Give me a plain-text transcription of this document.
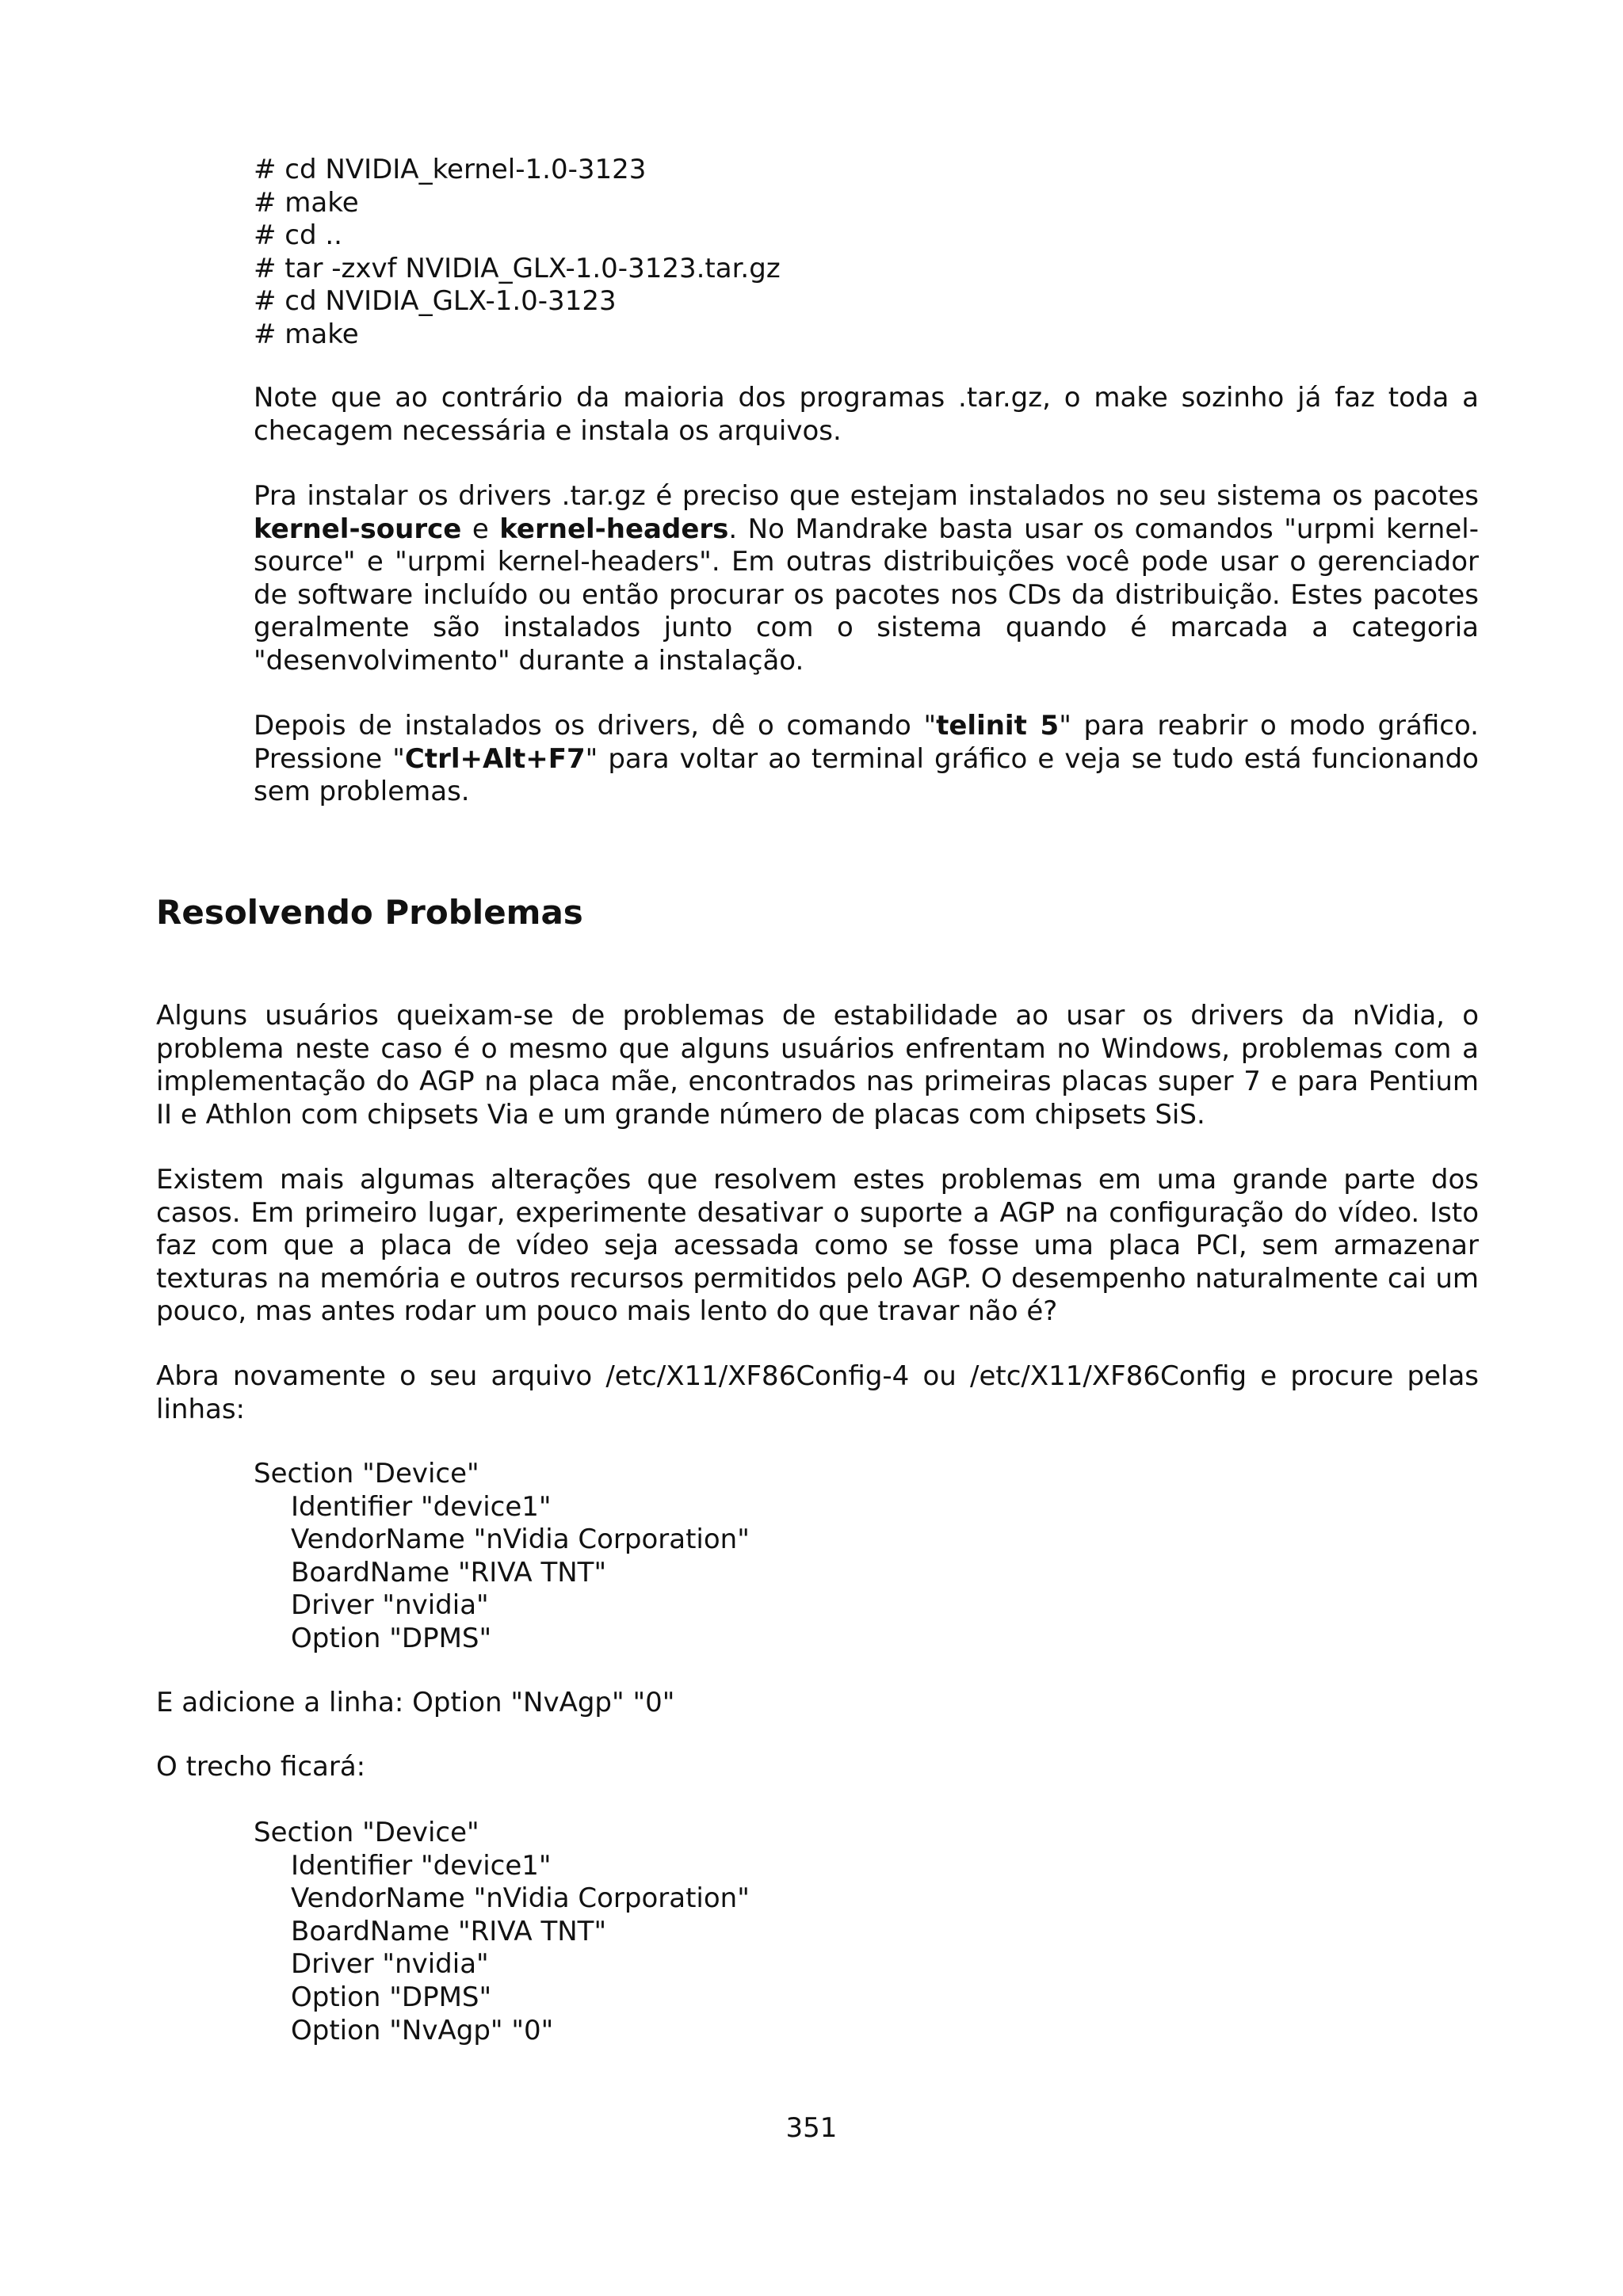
# cd NVIDIA_kernel-1.0-3123
# make
# cd ..
# tar -zxvf NVIDIA_GLX-1.0-3123.tar.gz
# cd NVIDIA_GLX-1.0-3123
# make

Note que ao contrário da maioria dos programas .tar.gz, o make sozinho já faz toda a checagem necessária e instala os arquivos.

Pra instalar os drivers .tar.gz é preciso que estejam instalados no seu sistema os pacotes kernel-source e kernel-headers. No Mandrake basta usar os comandos "urpmi kernel-source" e "urpmi kernel-headers". Em outras distribuições você pode usar o gerenciador de software incluído ou então procurar os pacotes nos CDs da distribuição. Estes pacotes geralmente são instalados junto com o sistema quando é marcada a categoria "desenvolvimento" durante a instalação.

Depois de instalados os drivers, dê o comando "telinit 5" para reabrir o modo gráfico. Pressione "Ctrl+Alt+F7" para voltar ao terminal gráfico e veja se tudo está funcionando sem problemas.

Resolvendo Problemas

Alguns usuários queixam-se de problemas de estabilidade ao usar os drivers da nVidia, o problema neste caso é o mesmo que alguns usuários enfrentam no Windows, problemas com a implementação do AGP na placa mãe, encontrados nas primeiras placas super 7 e para Pentium II e Athlon com chipsets Via e um grande número de placas com chipsets SiS.

Existem mais algumas alterações que resolvem estes problemas em uma grande parte dos casos. Em primeiro lugar, experimente desativar o suporte a AGP na configuração do vídeo. Isto faz com que a placa de vídeo seja acessada como se fosse uma placa PCI, sem armazenar texturas na memória e outros recursos permitidos pelo AGP. O desempenho naturalmente cai um pouco, mas antes rodar um pouco mais lento do que travar não é?

Abra novamente o seu arquivo /etc/X11/XF86Config-4 ou /etc/X11/XF86Config e procure pelas linhas:

Section "Device"
Identifier "device1"
VendorName "nVidia Corporation"
BoardName "RIVA TNT"
Driver "nvidia"
Option "DPMS"

E adicione a linha: Option "NvAgp" "0"

O trecho ficará:

Section "Device"
Identifier "device1"
VendorName "nVidia Corporation"
BoardName "RIVA TNT"
Driver "nvidia"
Option "DPMS"
Option "NvAgp" "0"
351
